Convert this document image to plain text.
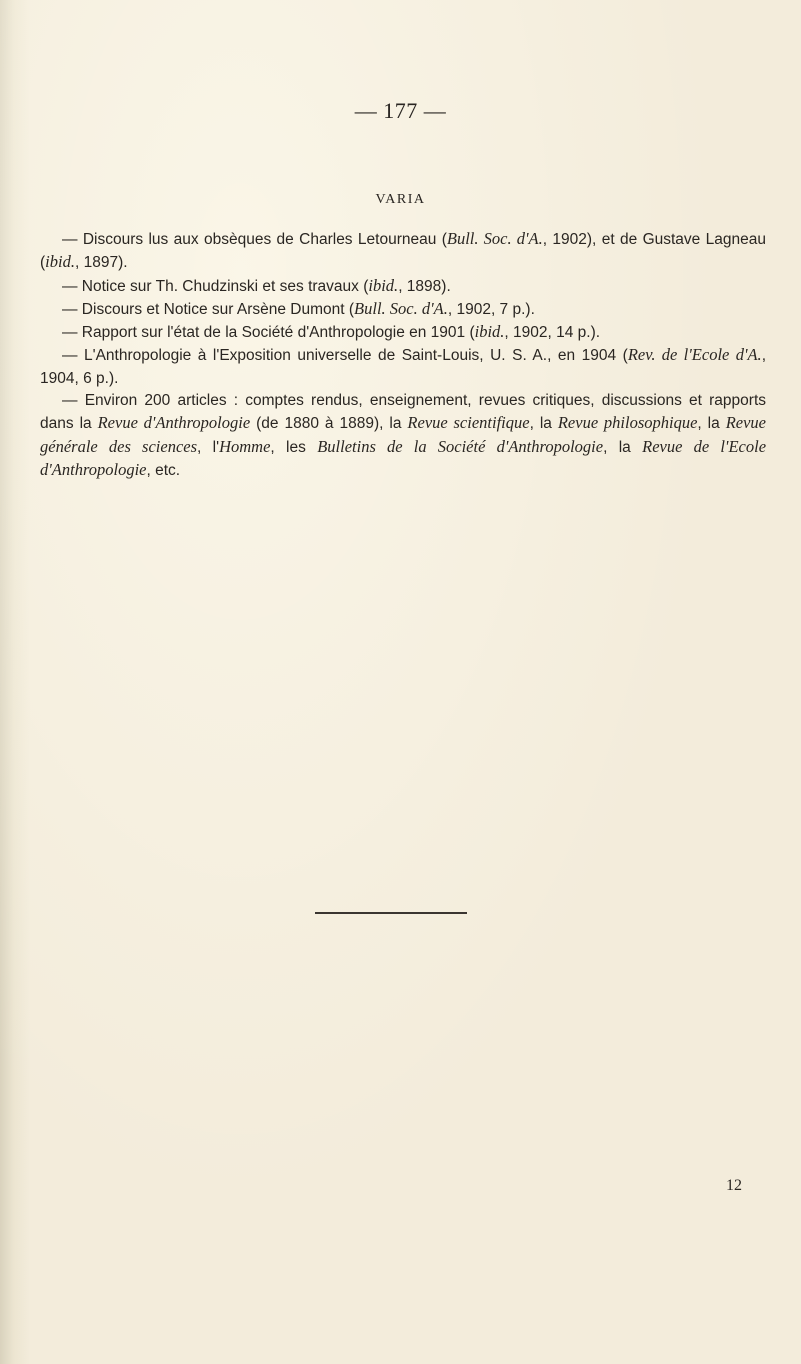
— 177 —
VARIA

— Discours lus aux obsèques de Charles Letourneau (Bull. Soc. d'A., 1902), et de Gustave Lagneau (ibid., 1897).

— Notice sur Th. Chudzinski et ses travaux (ibid., 1898).

— Discours et Notice sur Arsène Dumont (Bull. Soc. d'A., 1902, 7 p.).

— Rapport sur l'état de la Société d'Anthropologie en 1901 (ibid., 1902, 14 p.).

— L'Anthropologie à l'Exposition universelle de Saint-Louis, U. S. A., en 1904 (Rev. de l'Ecole d'A., 1904, 6 p.).

— Environ 200 articles : comptes rendus, enseignement, revues critiques, discussions et rapports dans la Revue d'Anthropologie (de 1880 à 1889), la Revue scientifique, la Revue philosophique, la Revue générale des sciences, l'Homme, les Bulletins de la Société d'Anthropologie, la Revue de l'Ecole d'Anthropologie, etc.

12
